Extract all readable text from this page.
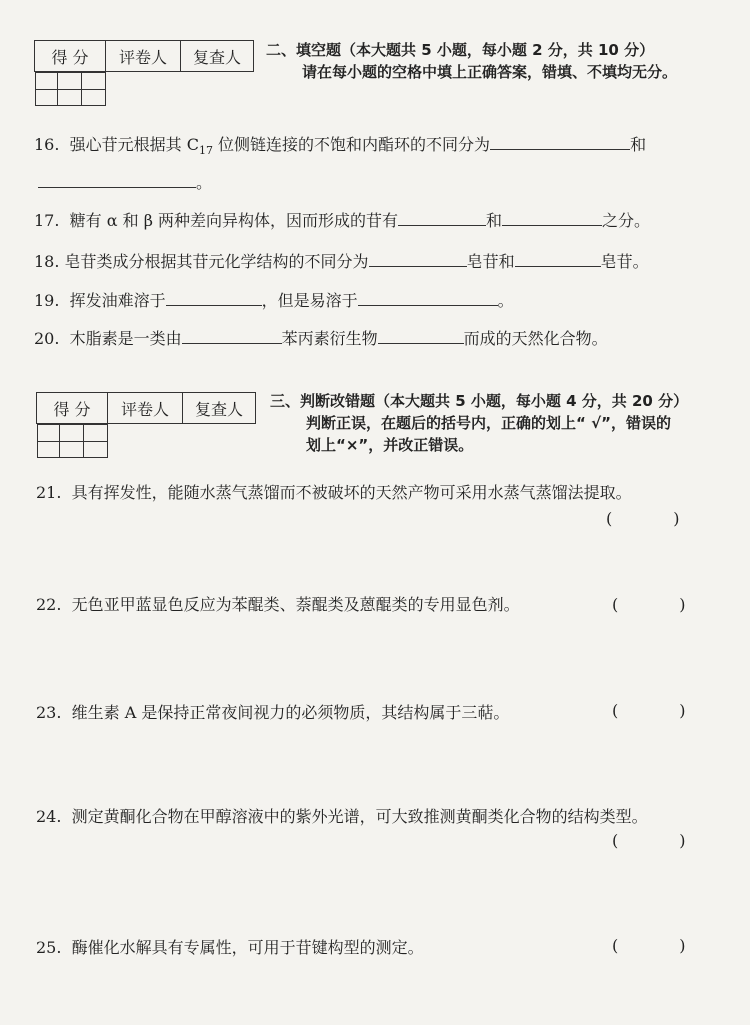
得 分	评卷人	复查人
		二、填空题（本大题共 5 小题，每小题 2 分，共 10 分）
请在每小题的空格中填上正确答案，错填、不填均无分。
16. 强心苷元根据其 $C_{17}$ 位侧链连接的不饱和内酯环的不同分为	和
。
17. 糖有 α 和 β 两种差向异构体，因而形成的苷有	和	之分。
18. 皂苷类成分根据其苷元化学结构的不同分为	皂苷和	皂苷。
19. 挥发油难溶于	，但是易溶于	。
20. 木脂素是一类由	苯丙素衍生物	而成的天然化合物。
得 分	评卷人	复查人
		三、判断改错题（本大题共 5 小题，每小题 4 分，共 20 分）
判断正误，在题后的括号内，正确的划上“ √”，错误的
划上“×”，并改正错误。
21. 具有挥发性，能随水蒸气蒸馏而不被破坏的天然产物可采用水蒸气蒸馏法提取。
(            )
22. 无色亚甲蓝显色反应为苯醌类、萘醌类及蒽醌类的专用显色剂。	(            )
23. 维生素 A 是保持正常夜间视力的必须物质，其结构属于三萜。	(            )
24. 测定黄酮化合物在甲醇溶液中的紫外光谱，可大致推测黄酮类化合物的结构类型。
(            )
25. 酶催化水解具有专属性，可用于苷键构型的测定。	(            )
